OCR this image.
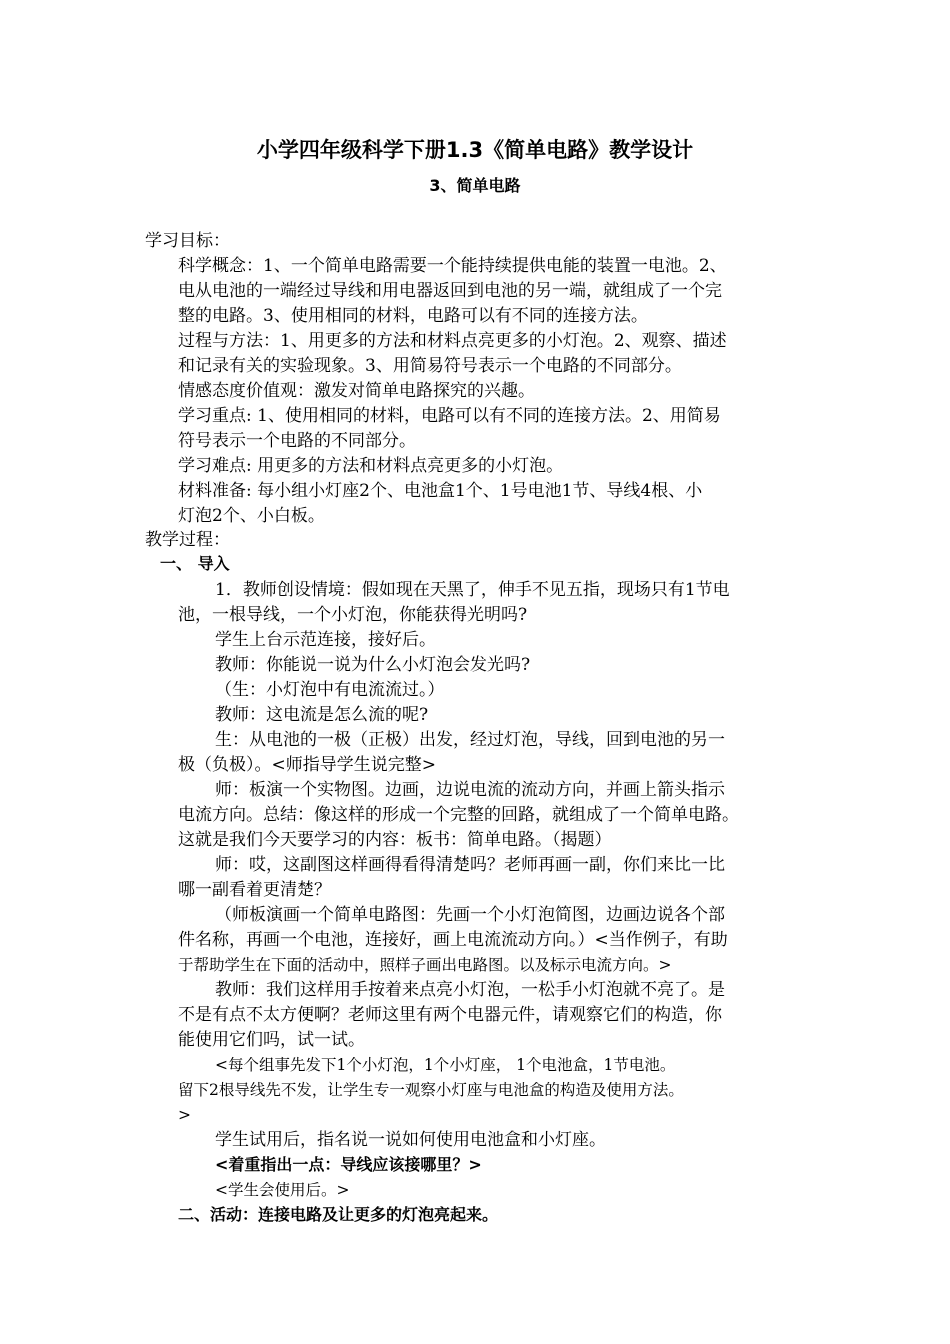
小学四年级科学下册1.3《简单电路》教学设计
3、简单电路
学习目标：
科学概念：1、一个简单电路需要一个能持续提供电能的装置一电池。2、
电从电池的一端经过导线和用电器返回到电池的另一端，就组成了一个完
整的电路。3、使用相同的材料，电路可以有不同的连接方法。
过程与方法：1、用更多的方法和材料点亮更多的小灯泡。2、观察、描述
和记录有关的实验现象。3、用简易符号表示一个电路的不同部分。
情感态度价值观：激发对简单电路探究的兴趣。
学习重点: 1、使用相同的材料，电路可以有不同的连接方法。2、用简易
符号表示一个电路的不同部分。
学习难点: 用更多的方法和材料点亮更多的小灯泡。
材料准备: 每小组小灯座2个、电池盒1个、1号电池1节、导线4根、小
灯泡2个、小白板。
教学过程：
一、 导入
1．教师创设情境：假如现在天黑了，伸手不见五指，现场只有1节电
池，一根导线，一个小灯泡，你能获得光明吗?
学生上台示范连接，接好后。
教师：你能说一说为什么小灯泡会发光吗?
（生：小灯泡中有电流流过。）
教师：这电流是怎么流的呢?
生：从电池的一极（正极）出发，经过灯泡，导线，回到电池的另一
极（负极）。<师指导学生说完整>
师：板演一个实物图。边画，边说电流的流动方向，并画上箭头指示
电流方向。总结：像这样的形成一个完整的回路，就组成了一个简单电路。
这就是我们今天要学习的内容：板书：简单电路。（揭题）
师：哎，这副图这样画得看得清楚吗？老师再画一副，你们来比一比
哪一副看着更清楚？
（师板演画一个简单电路图：先画一个小灯泡简图，边画边说各个部
件名称，再画一个电池，连接好，画上电流流动方向。）<当作例子，有助
于帮助学生在下面的活动中，照样子画出电路图。以及标示电流方向。>
教师：我们这样用手按着来点亮小灯泡，一松手小灯泡就不亮了。是
不是有点不太方便啊？老师这里有两个电器元件，请观察它们的构造，你
能使用它们吗，试一试。
<每个组事先发下1个小灯泡，1个小灯座， 1个电池盒，1节电池。
留下2根导线先不发，让学生专一观察小灯座与电池盒的构造及使用方法。
>
学生试用后，指名说一说如何使用电池盒和小灯座。
<着重指出一点：导线应该接哪里？>
<学生会使用后。>
二、活动：连接电路及让更多的灯泡亮起来。
